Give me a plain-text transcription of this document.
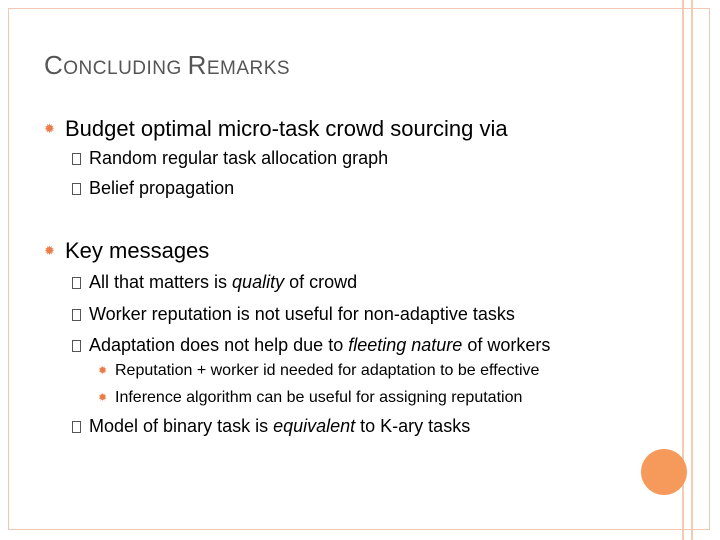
CONCLUDING REMARKS
✹ Budget optimal micro-task crowd sourcing via
Random regular task allocation graph
Belief propagation
✹ Key messages
All that matters is quality of crowd
Worker reputation is not useful for non-adaptive tasks
Adaptation does not help due to fleeting nature of workers
✹ Reputation + worker id needed for adaptation to be effective
✹ Inference algorithm can be useful for assigning reputation
Model of binary task is equivalent to K-ary tasks
